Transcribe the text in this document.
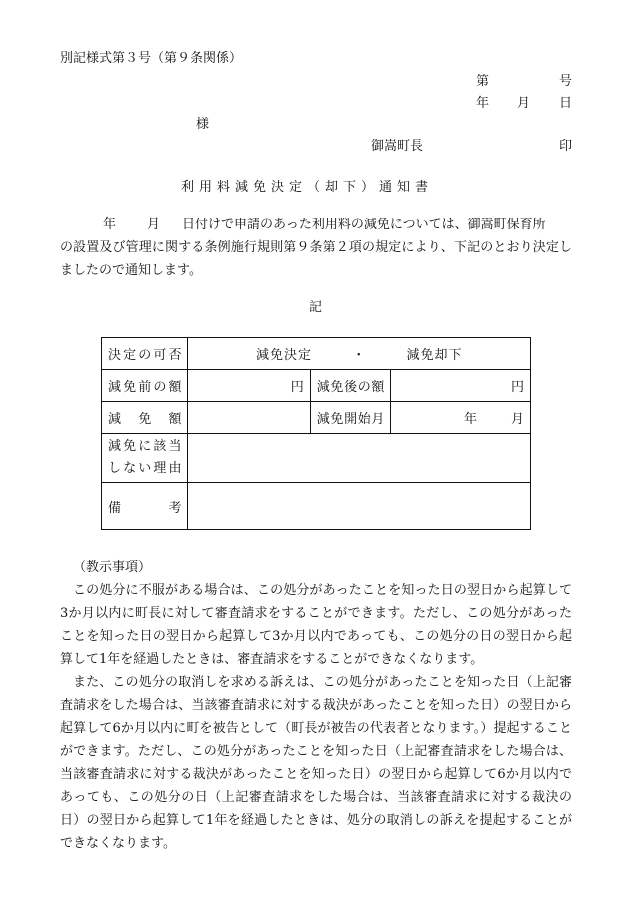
別記様式第３号（第９条関係）
第	号
年 月 日
様
御嵩町長	印
利用料減免決定（却下）通知書
年 月 日付けで申請のあった利用料の減免については、御嵩町保育所
の設置及び管理に関する条例施行規則第９条第２項の規定により、下記のとおり決定しましたので通知します。
記
決定の可否	減免決定 ・ 減免却下		
減免前の額	円	減免後の額	円
減免額		減免開始月	年 月

減免に該当
しない理由			

備考			
（教示事項）

この処分に不服がある場合は、この処分があったことを知った日の翌日から起算して3か月以内に町長に対して審査請求をすることができます。ただし、この処分があったことを知った日の翌日から起算して3か月以内であっても、この処分の日の翌日から起算して1年を経過したときは、審査請求をすることができなくなります。

また、この処分の取消しを求める訴えは、この処分があったことを知った日（上記審査請求をした場合は、当該審査請求に対する裁決があったことを知った日）の翌日から起算して6か月以内に町を被告として（町長が被告の代表者となります。）提起することができます。ただし、この処分があったことを知った日（上記審査請求をした場合は、当該審査請求に対する裁決があったことを知った日）の翌日から起算して6か月以内であっても、この処分の日（上記審査請求をした場合は、当該審査請求に対する裁決の日）の翌日から起算して1年を経過したときは、処分の取消しの訴えを提起することができなくなります。
